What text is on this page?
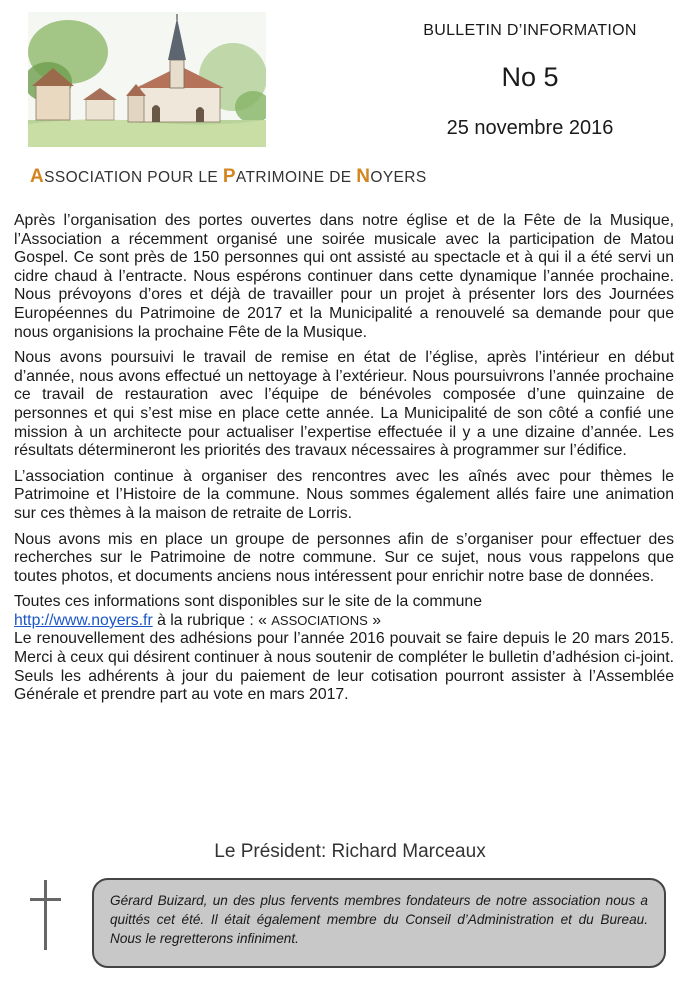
BULLETIN D’INFORMATION
No 5
25 novembre 2016
ASSOCIATION POUR LE PATRIMOINE DE NOYERS

Après l’organisation des portes ouvertes dans notre église et de la Fête de la Musique, l’Association a récemment organisé une soirée musicale avec la participation de Matou Gospel. Ce sont près de 150 personnes qui ont assisté au spectacle et à qui il a été servi un cidre chaud à l’entracte. Nous espérons continuer dans cette dynamique l’année prochaine. Nous prévoyons d’ores et déjà de travailler pour un projet à présenter lors des Journées Européennes du Patrimoine de 2017 et la Municipalité a renouvelé sa demande pour que nous organisions la prochaine Fête de la Musique.

Nous avons poursuivi le travail de remise en état de l’église, après l’intérieur en début d’année, nous avons effectué un nettoyage à l’extérieur. Nous poursuivrons l’année prochaine ce travail de restauration avec l’équipe de bénévoles composée d’une quinzaine de personnes et qui s’est mise en place cette année. La Municipalité de son côté a confié une mission à un architecte pour actualiser l’expertise effectuée il y a une dizaine d’année. Les résultats détermineront les priorités des travaux nécessaires à programmer sur l’édifice.

L’association continue à organiser des rencontres avec les aînés avec pour thèmes le Patrimoine et l’Histoire de la commune. Nous sommes également allés faire une animation sur ces thèmes à la maison de retraite de Lorris.

Nous avons mis en place un groupe de personnes afin de s’organiser pour effectuer des recherches sur le Patrimoine de notre commune. Sur ce sujet, nous vous rappelons que toutes photos, et documents anciens nous intéressent pour enrichir notre base de données.

Toutes ces informations sont disponibles sur le site de la commune
http://www.noyers.fr à la rubrique : « ASSOCIATIONS »

Le renouvellement des adhésions pour l’année 2016 pouvait se faire depuis le 20 mars 2015. Merci à ceux qui désirent continuer à nous soutenir de compléter le bulletin d’adhésion ci-joint. Seuls les adhérents à jour du paiement de leur cotisation pourront assister à l’Assemblée Générale et prendre part au vote en mars 2017.

Le Président: Richard Marceaux
Gérard Buizard, un des plus fervents membres fondateurs de notre association nous a quittés cet été. Il était également membre du Conseil d’Administration et du Bureau. Nous le regretterons infiniment.
